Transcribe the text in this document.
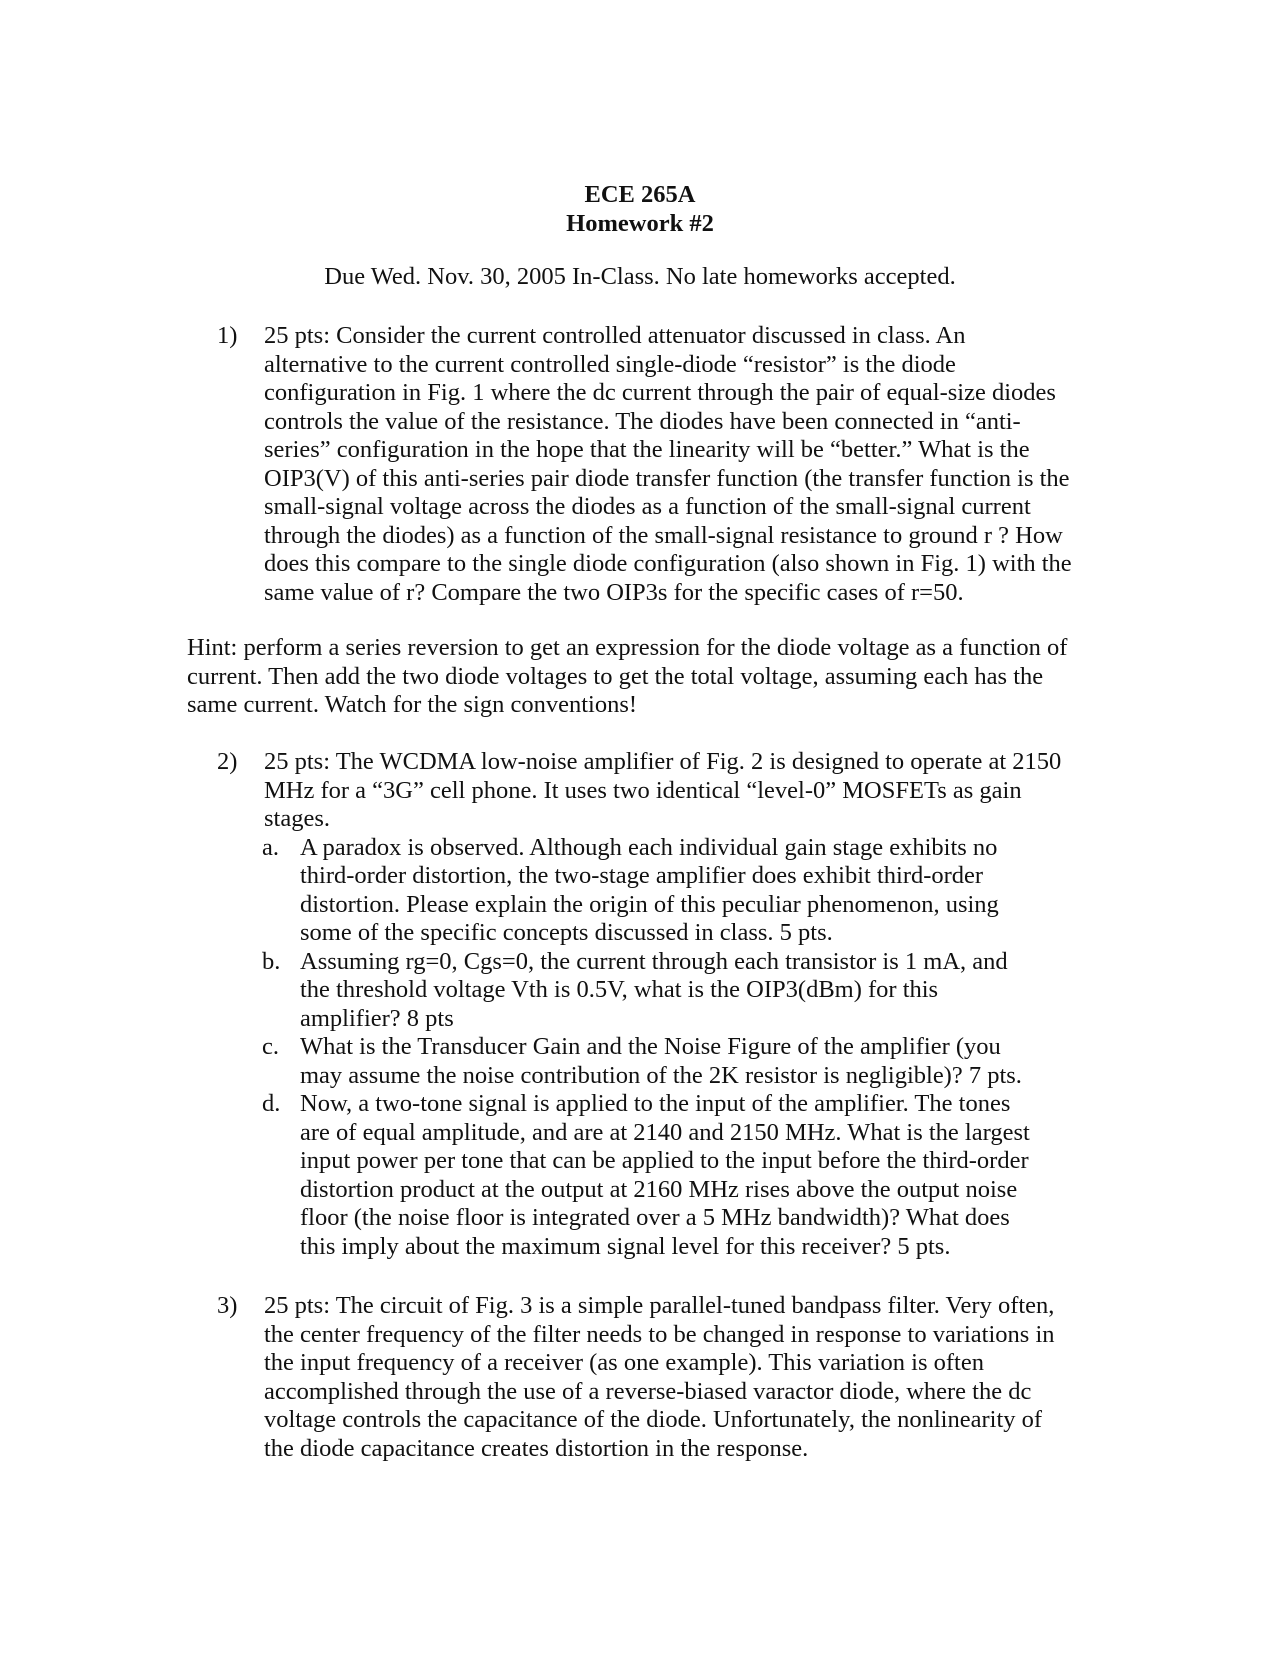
ECE 265A
Homework #2
Due Wed. Nov. 30, 2005 In-Class. No late homeworks accepted.
1) 25 pts: Consider the current controlled attenuator discussed in class. An
alternative to the current controlled single-diode “resistor” is the diode
configuration in Fig. 1 where the dc current through the pair of equal-size diodes
controls the value of the resistance. The diodes have been connected in “anti-
series” configuration in the hope that the linearity will be “better.” What is the
OIP3(V) of this anti-series pair diode transfer function (the transfer function is the
small-signal voltage across the diodes as a function of the small-signal current
through the diodes) as a function of the small-signal resistance to ground r ? How
does this compare to the single diode configuration (also shown in Fig. 1) with the
same value of r? Compare the two OIP3s for the specific cases of r=50.
Hint: perform a series reversion to get an expression for the diode voltage as a function of
current. Then add the two diode voltages to get the total voltage, assuming each has the
same current. Watch for the sign conventions!
2) 25 pts: The WCDMA low-noise amplifier of Fig. 2 is designed to operate at 2150
MHz for a “3G” cell phone. It uses two identical “level-0” MOSFETs as gain
stages.
a. A paradox is observed. Although each individual gain stage exhibits no
third-order distortion, the two-stage amplifier does exhibit third-order
distortion. Please explain the origin of this peculiar phenomenon, using
some of the specific concepts discussed in class. 5 pts.
b. Assuming rg=0, Cgs=0, the current through each transistor is 1 mA, and
the threshold voltage Vth is 0.5V, what is the OIP3(dBm) for this
amplifier? 8 pts
c. What is the Transducer Gain and the Noise Figure of the amplifier (you
may assume the noise contribution of the 2K resistor is negligible)? 7 pts.
d. Now, a two-tone signal is applied to the input of the amplifier. The tones
are of equal amplitude, and are at 2140 and 2150 MHz. What is the largest
input power per tone that can be applied to the input before the third-order
distortion product at the output at 2160 MHz rises above the output noise
floor (the noise floor is integrated over a 5 MHz bandwidth)? What does
this imply about the maximum signal level for this receiver? 5 pts.
3) 25 pts: The circuit of Fig. 3 is a simple parallel-tuned bandpass filter. Very often,
the center frequency of the filter needs to be changed in response to variations in
the input frequency of a receiver (as one example). This variation is often
accomplished through the use of a reverse-biased varactor diode, where the dc
voltage controls the capacitance of the diode. Unfortunately, the nonlinearity of
the diode capacitance creates distortion in the response.
